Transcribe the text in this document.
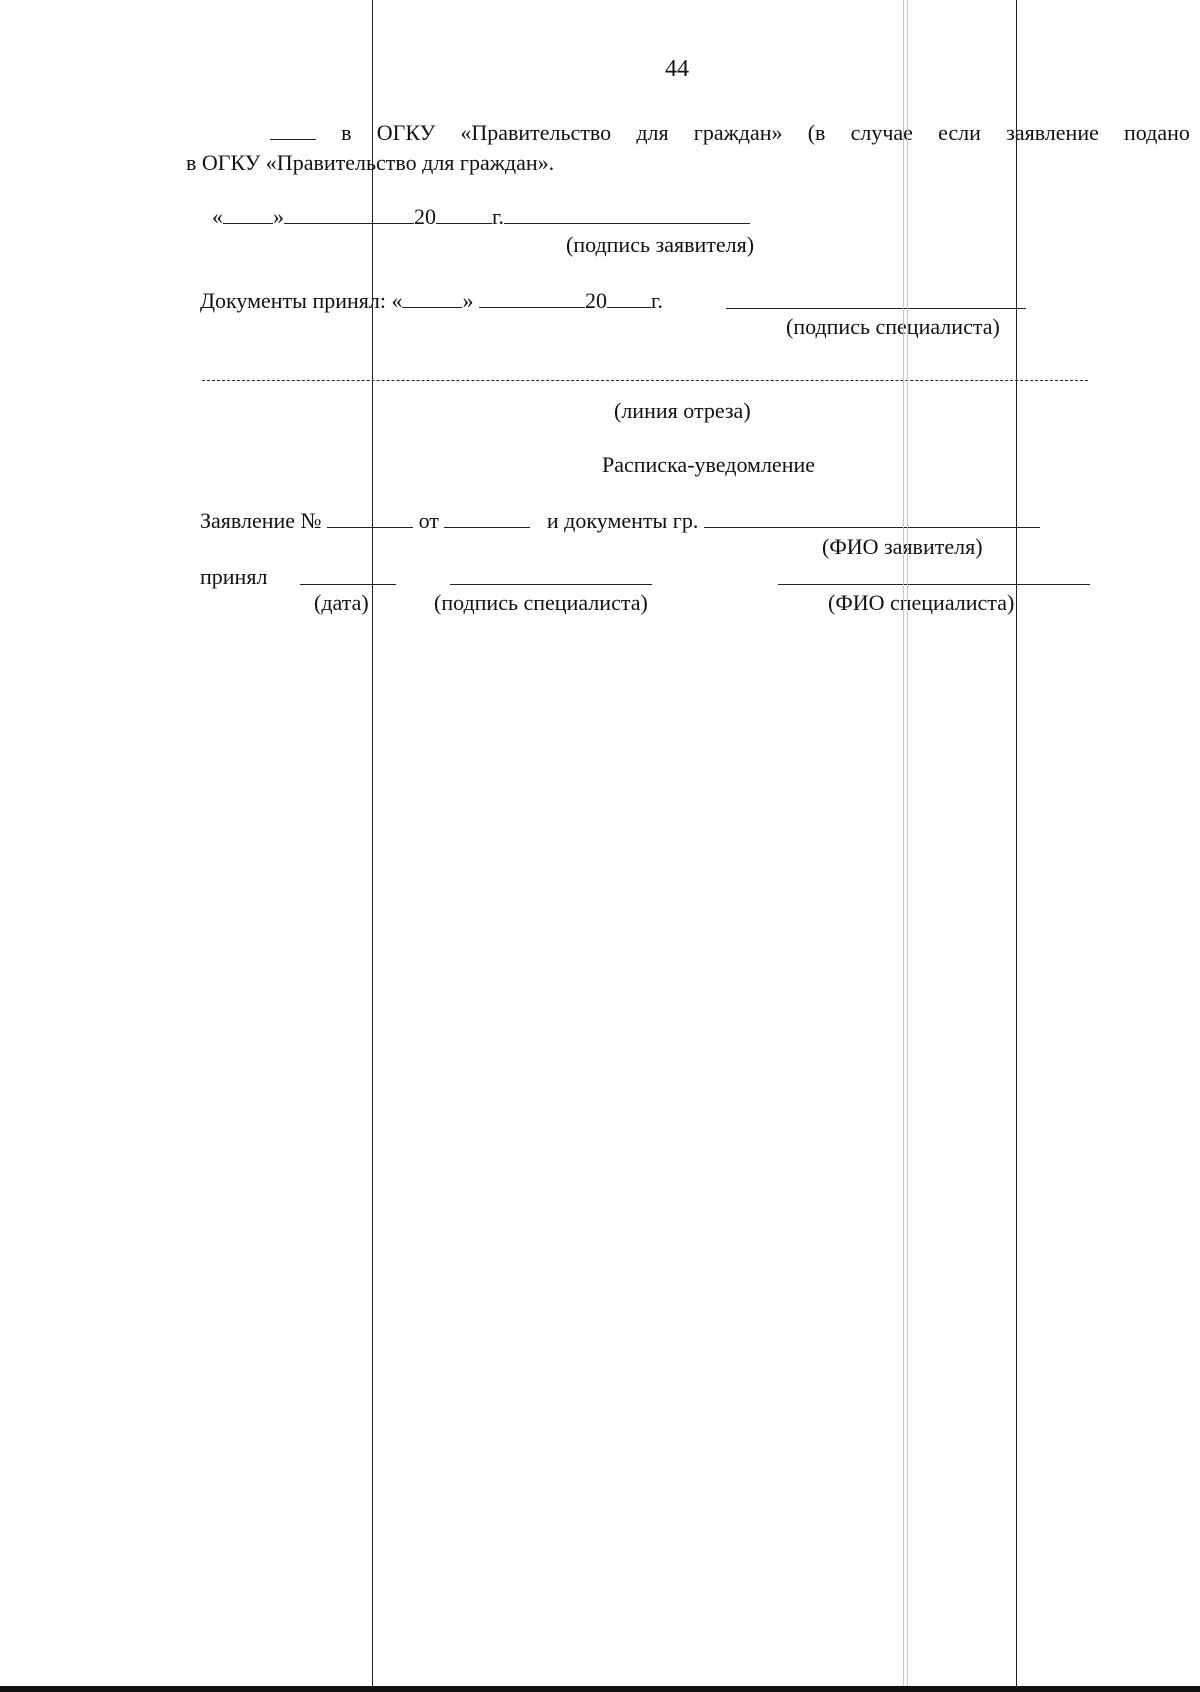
44
в ОГКУ «Правительство для граждан» (в случае если заявление подано
в ОГКУ «Правительство для граждан».
« »	20	г.
(подпись заявителя)
Документы принял: «	»	20 г.
(подпись специалиста)
(линия отреза)
Расписка-уведомление
Заявление №	от	и документы гр.
(ФИО заявителя)
принял
(дата)	(подпись специалиста)	(ФИО специалиста)
